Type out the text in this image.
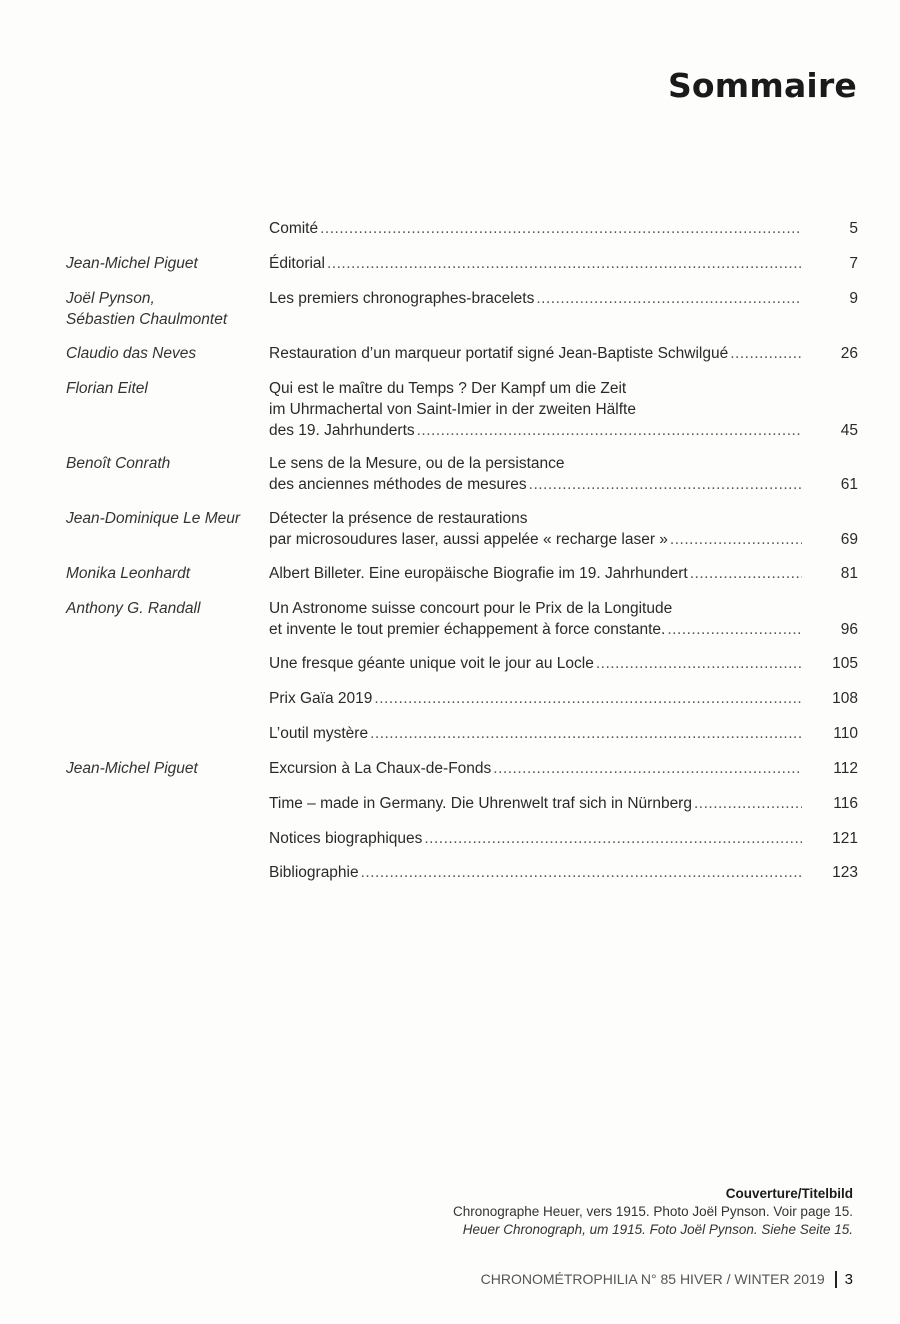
Sommaire
Comité .....	5
Jean-Michel Piguet	Éditorial .....	7
Joël Pynson,
Sébastien Chaulmontet
Les premiers chronographes-bracelets .....	9
Claudio das Neves	Restauration d’un marqueur portatif signé Jean-Baptiste Schwilgué .....	26
Florian Eitel	Qui est le maître du Temps ? Der Kampf um die Zeit
im Uhrmachertal von Saint-Imier in der zweiten Hälfte
des 19. Jahrhunderts .....	45
Benoît Conrath	Le sens de la Mesure, ou de la persistance
des anciennes méthodes de mesures .....	61
Jean-Dominique Le Meur	Détecter la présence de restaurations
par microsoudures laser, aussi appelée « recharge laser » .....	69
Monika Leonhardt	Albert Billeter. Eine europäische Biografie im 19. Jahrhundert .....	81
Anthony G. Randall	Un Astronome suisse concourt pour le Prix de la Longitude
et invente le tout premier échappement à force constante. .....	96
Une fresque géante unique voit le jour au Locle .....	105
Prix Gaïa 2019 .....	108
L’outil mystère .....	110
Jean-Michel Piguet	Excursion à La Chaux-de-Fonds .....	112
Time – made in Germany. Die Uhrenwelt traf sich in Nürnberg .....	116
Notices biographiques .....	121
Bibliographie .....	123
Couverture/Titelbild
Chronographe Heuer, vers 1915. Photo Joël Pynson. Voir page 15.
Heuer Chronograph, um 1915. Foto Joël Pynson. Siehe Seite 15.
CHRONOMÉTROPHILIA N° 85 HIVER / WINTER 2019 3
